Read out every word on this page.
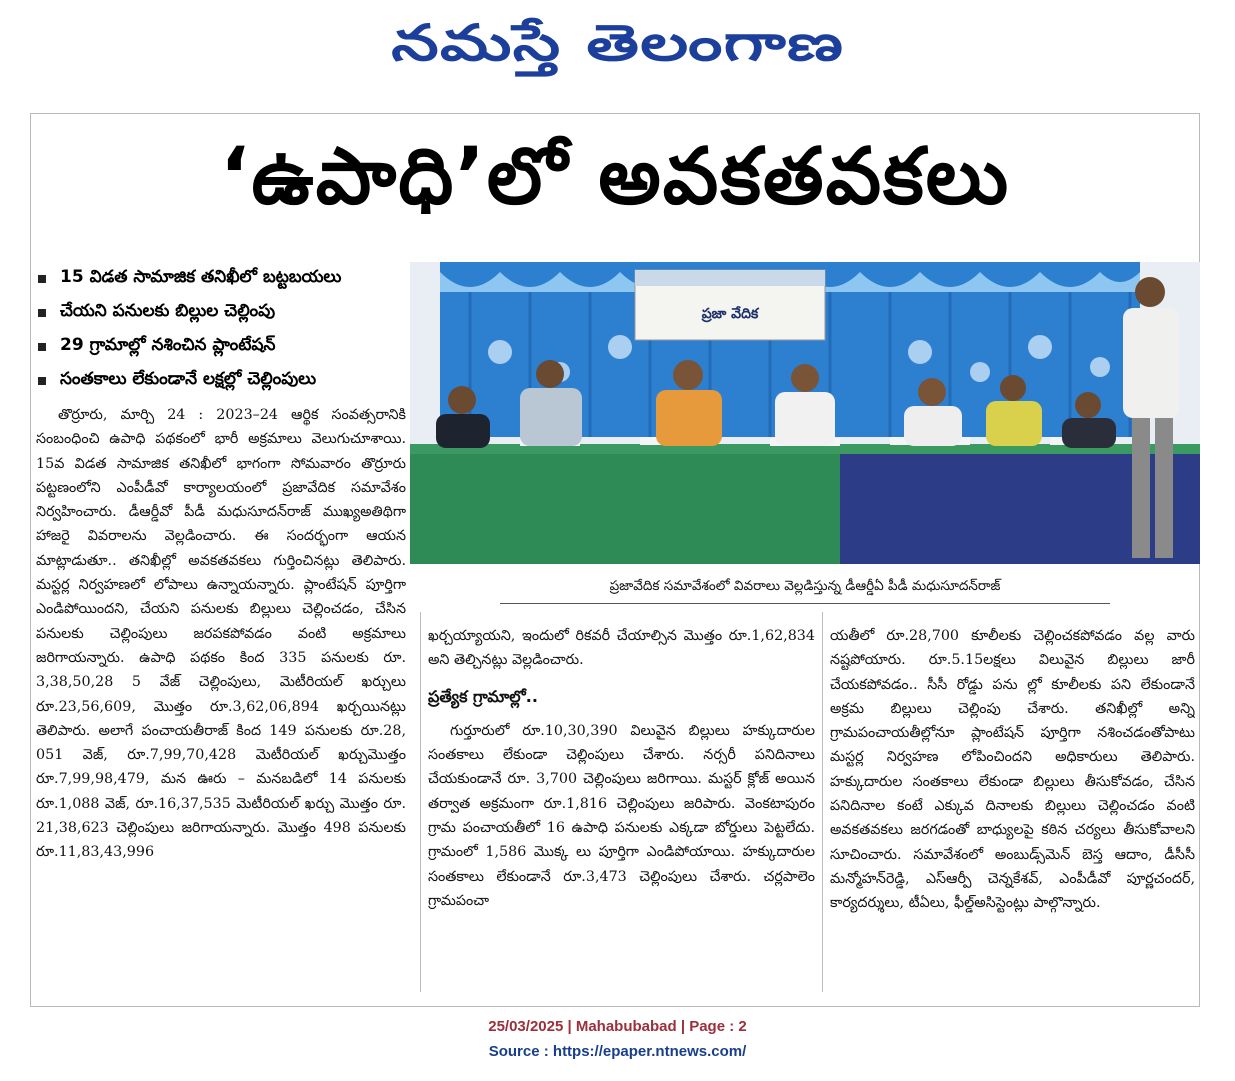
నమస్తే తెలంగాణ
‘ఉపాధి’లో అవకతవకలు
15 విడత సామాజిక తనిఖీలో బట్టబయలు
చేయని పనులకు బిల్లుల చెల్లింపు
29 గ్రామాల్లో నశించిన ప్లాంటేషన్
సంతకాలు లేకుండానే లక్షల్లో చెల్లింపులు
ప్రజా వేదిక
ప్రజావేదిక సమావేశంలో వివరాలు వెల్లడిస్తున్న డీఆర్డీఏ పీడీ మధుసూదన్‌రాజ్

తొర్రూరు, మార్చి 24 : 2023–24 ఆర్థిక సంవత్సరానికి సంబంధించి ఉపాధి పథకంలో భారీ అక్రమాలు వెలుగుచూశాయి. 15వ విడత సామాజిక తనిఖీలో భాగంగా సోమవారం తొర్రూరు పట్టణంలోని ఎంపీడీవో కార్యాలయంలో ప్రజావేదిక సమావేశం నిర్వహించారు. డీఆర్డీవో పీడీ మధుసూదన్‌రాజ్ ముఖ్యఅతిథిగా హాజరై వివరాలను వెల్లడించారు. ఈ సందర్భంగా ఆయన మాట్లాడుతూ.. తనిఖీల్లో అవకతవకలు గుర్తించినట్లు తెలిపారు. మస్టర్ల నిర్వహణలో లోపాలు ఉన్నాయన్నారు. ప్లాంటేషన్ పూర్తిగా ఎండిపోయిందని, చేయని పనులకు బిల్లులు చెల్లించడం, చేసిన పనులకు చెల్లింపులు జరపకపోవడం వంటి అక్రమాలు జరిగాయన్నారు. ఉపాధి పథకం కింద 335 పనులకు రూ. 3,38,50,28 5 వేజ్ చెల్లింపులు, మెటీరియల్ ఖర్చులు రూ.23,56,609, మొత్తం రూ.3,62,06,894 ఖర్చయినట్లు తెలిపారు. అలాగే పంచాయతీరాజ్ కింద 149 పనులకు రూ.28, 051 వెజ్, రూ.7,99,70,428 మెటీరియల్ ఖర్చుమొత్తం రూ.7,99,98,479, మన ఊరు – మనబడిలో 14 పనులకు రూ.1,088 వెజ్, రూ.16,37,535 మెటీరియల్ ఖర్చు మొత్తం రూ. 21,38,623 చెల్లింపులు జరిగాయన్నారు. మొత్తం 498 పనులకు రూ.11,83,43,996

ఖర్చయ్యాయని, ఇందులో రికవరీ చేయాల్సిన మొత్తం రూ.1,62,834 అని తెల్చినట్లు వెల్లడించారు.

ప్రత్యేక గ్రామాల్లో..

గుర్తూరులో రూ.10,30,390 విలువైన బిల్లులు హక్కుదారుల సంతకాలు లేకుండా చెల్లింపులు చేశారు. నర్సరీ పనిదినాలు చేయకుండానే రూ. 3,700 చెల్లింపులు జరిగాయి. మస్టర్ క్లోజ్ అయిన తర్వాత అక్రమంగా రూ.1,816 చెల్లింపులు జరిపారు. వెంకటాపురం గ్రామ పంచాయతీలో 16 ఉపాధి పనులకు ఎక్కడా బోర్డులు పెట్టలేదు. గ్రామంలో 1,586 మొక్క లు పూర్తిగా ఎండిపోయాయి. హక్కుదారుల సంతకాలు లేకుండానే రూ.3,473 చెల్లింపులు చేశారు. చర్లపాలెం గ్రామపంచా

యతీలో రూ.28,700 కూలీలకు చెల్లించకపోవడం వల్ల వారు నష్టపోయారు. రూ.5.15లక్షలు విలువైన బిల్లులు జారీ చేయకపోవడం.. సీసీ రోడ్డు పను ల్లో కూలీలకు పని లేకుండానే అక్రమ బిల్లులు చెల్లింపు చేశారు. తనిఖీల్లో అన్ని గ్రామపంచాయతీల్లోనూ ప్లాంటేషన్ పూర్తిగా నశించడంతోపాటు మస్టర్ల నిర్వహణ లోపించిందని అధికారులు తెలిపారు. హక్కుదారుల సంతకాలు లేకుండా బిల్లులు తీసుకోవడం, చేసిన పనిదినాల కంటే ఎక్కువ దినాలకు బిల్లులు చెల్లించడం వంటి అవకతవకలు జరగడంతో బాధ్యులపై కఠిన చర్యలు తీసుకోవాలని సూచించారు. సమావేశంలో అంబుడ్స్‌మెన్ బెస్త ఆదాం, డీసీసీ మన్మోహన్‌రెడ్డి, ఎస్ఆర్పీ చెన్నకేశవ్, ఎంపీడీవో పూర్ణచందర్, కార్యదర్శులు, టీఏలు, ఫీల్డ్‌అసిస్టెంట్లు పాల్గొన్నారు.

25/03/2025 | Mahabubabad | Page : 2
Source : https://epaper.ntnews.com/
